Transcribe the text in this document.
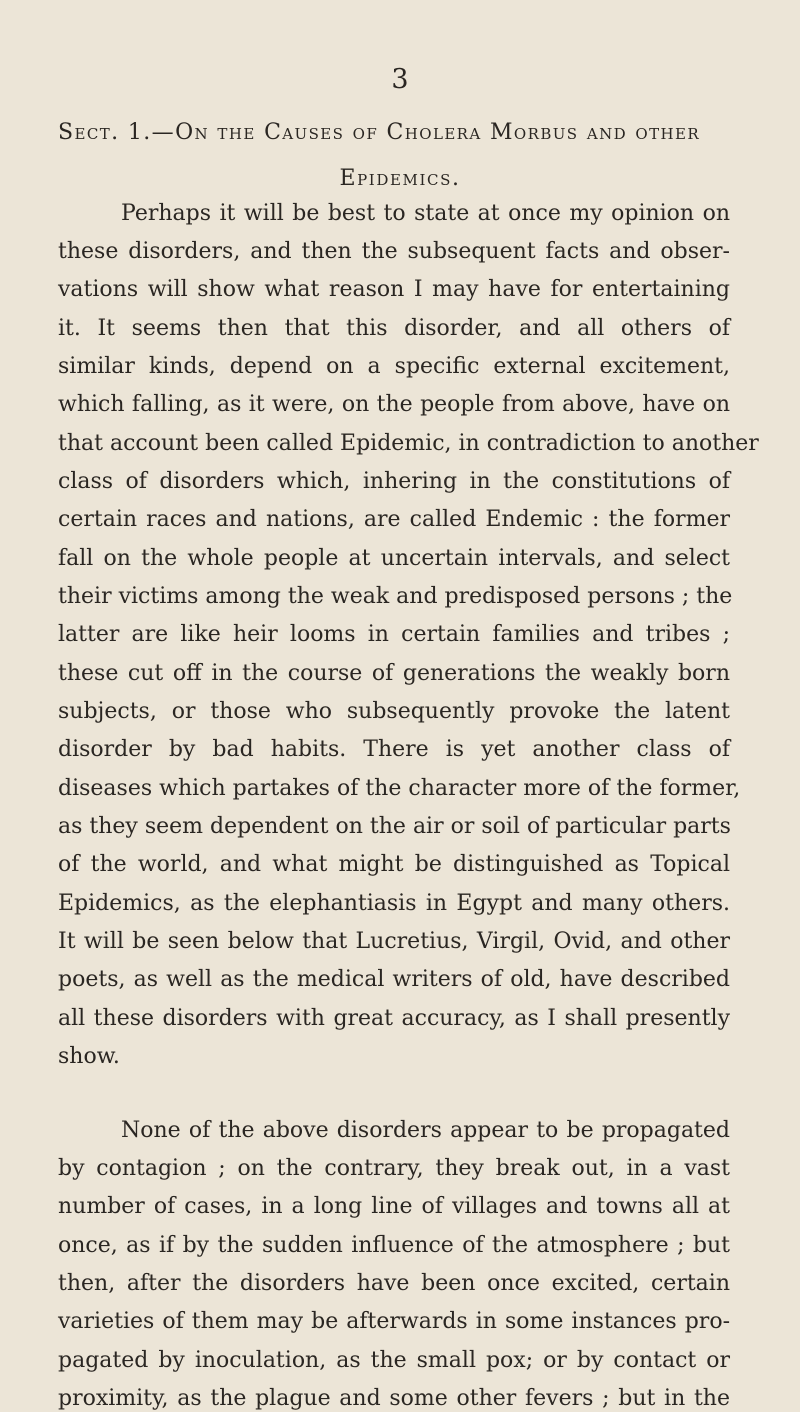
3
Sect. 1.—On the Causes of Cholera Morbus and other
Epidemics.
Perhaps it will be best to state at once my opinion on
these disorders, and then the subsequent facts and obser-
vations will show what reason I may have for entertaining
it. It seems then that this disorder, and all others of
similar kinds, depend on a specific external excitement,
which falling, as it were, on the people from above, have on
that account been called Epidemic, in contradiction to another
class of disorders which, inhering in the constitutions of
certain races and nations, are called Endemic : the former
fall on the whole people at uncertain intervals, and select
their victims among the weak and predisposed persons ; the
latter are like heir looms in certain families and tribes ;
these cut off in the course of generations the weakly born
subjects, or those who subsequently provoke the latent
disorder by bad habits. There is yet another class of
diseases which partakes of the character more of the former,
as they seem dependent on the air or soil of particular parts
of the world, and what might be distinguished as Topical
Epidemics, as the elephantiasis in Egypt and many others.
It will be seen below that Lucretius, Virgil, Ovid, and other
poets, as well as the medical writers of old, have described
all these disorders with great accuracy, as I shall presently
show.
None of the above disorders appear to be propagated
by contagion ; on the contrary, they break out, in a vast
number of cases, in a long line of villages and towns all at
once, as if by the sudden influence of the atmosphere ; but
then, after the disorders have been once excited, certain
varieties of them may be afterwards in some instances pro-
pagated by inoculation, as the small pox; or by contact or
proximity, as the plague and some other fevers ; but in the
